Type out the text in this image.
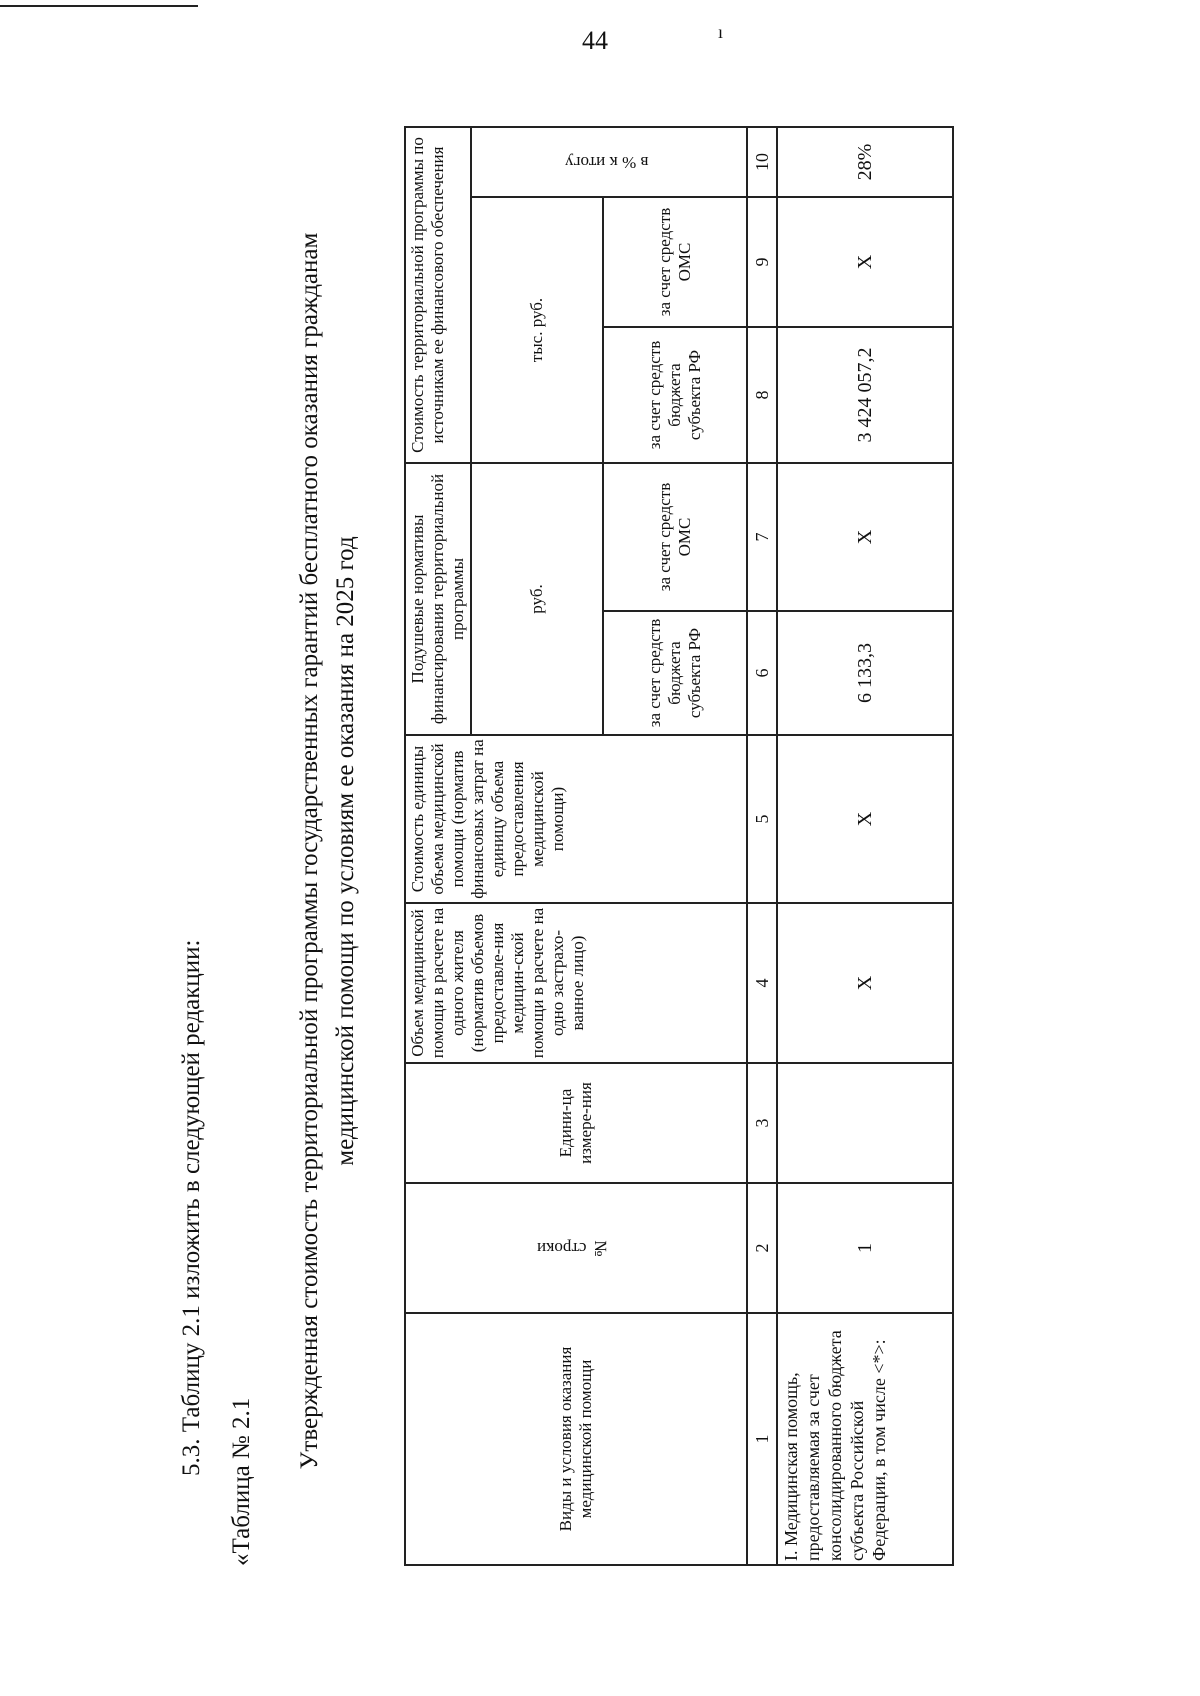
44	ı
5.3. Таблицу 2.1 изложить в следующей редакции:
«Таблица № 2.1
Утвержденная стоимость территориальной программы государственных гарантий бесплатного оказания гражданам медицинской помощи по условиям ее оказания на 2025 год
Виды и условия оказания медицинской помощи	№ строки	Едини-ца измере-ния	Объем медицинской помощи в расчете на одного жителя (норматив объемов предоставле-ния медицин-ской помощи в расчете на одно застрахо-ванное лицо)	Стоимость единицы объема медицинской помощи (норматив финансовых затрат на единицу объема предоставления медицинской помощи)	Подушевые нормативы финансирования территориальной программы		Стоимость территориальной программы по источникам ее финансового обеспечения		
					руб.		тыс. руб.		в % к итогу
					за счет средств бюджета субъекта РФ	за счет средств ОМС	за счет средств бюджета субъекта РФ	за счет средств ОМС	
1	2	3	4	5	6	7	8	9	10
I. Медицинская помощь, предоставляемая за счет консолидированного бюджета субъекта Российской Федерации, в том числе <*>:	1		Х	Х	6 133,3	Х	3 424 057,2	Х	28%
